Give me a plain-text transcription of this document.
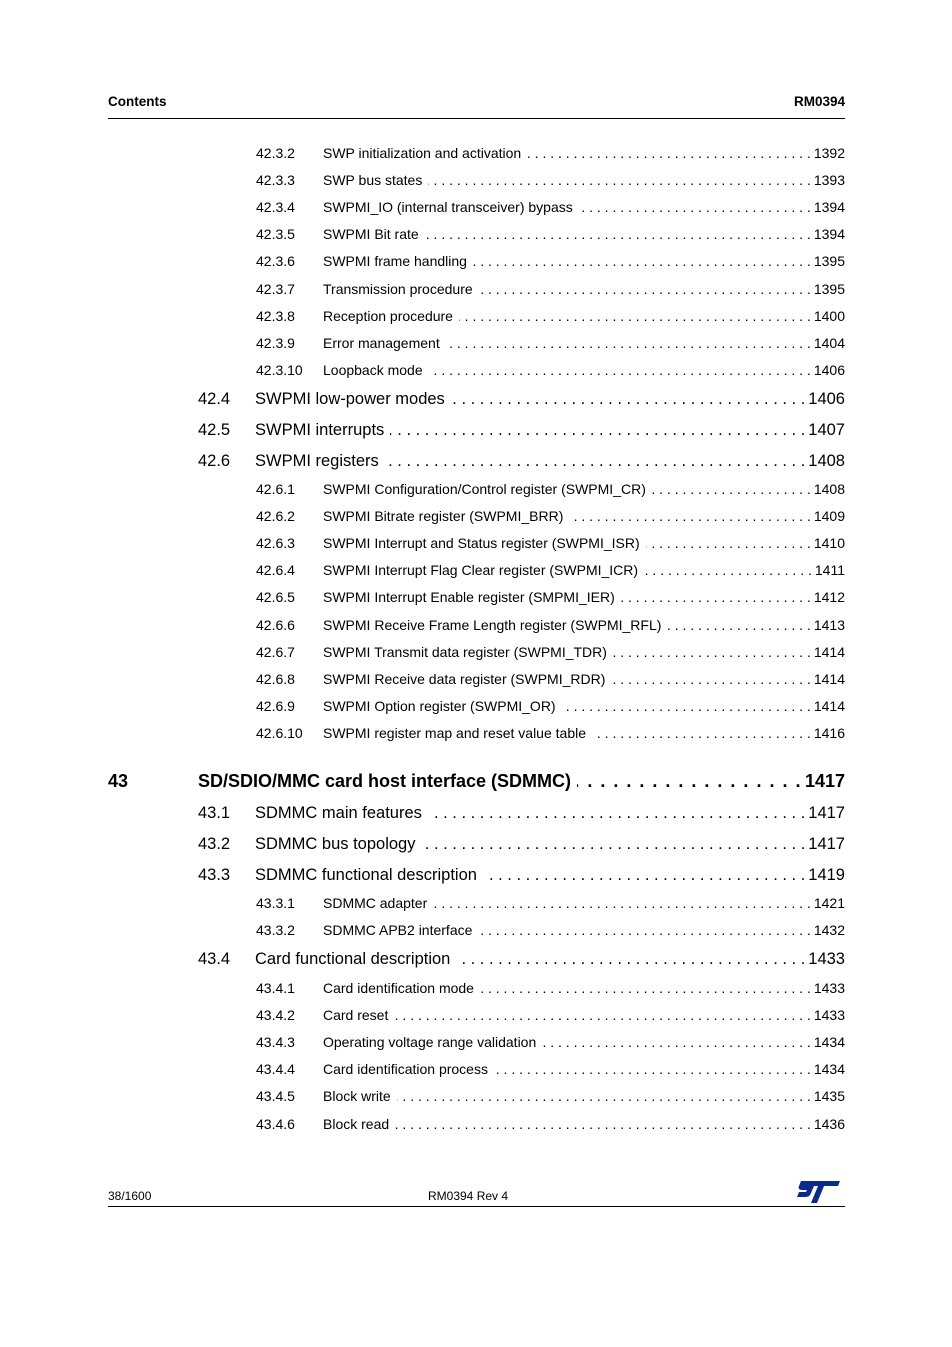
Contents	RM0394
42.3.2 SWP initialization and activation . . .	1392
42.3.3 SWP bus states . . .	1393
42.3.4 SWPMI_IO (internal transceiver) bypass . . .	1394
42.3.5 SWPMI Bit rate . . .	1394
42.3.6 SWPMI frame handling . . .	1395
42.3.7 Transmission procedure . . .	1395
42.3.8 Reception procedure . . .	1400
42.3.9 Error management . . .	1404
42.3.10 Loopback mode . . .	1406
42.4 SWPMI low-power modes . . .	1406
42.5 SWPMI interrupts . . .	1407
42.6 SWPMI registers . . .	1408
42.6.1 SWPMI Configuration/Control register (SWPMI_CR) . . .	1408
42.6.2 SWPMI Bitrate register (SWPMI_BRR) . . .	1409
42.6.3 SWPMI Interrupt and Status register (SWPMI_ISR) . . .	1410
42.6.4 SWPMI Interrupt Flag Clear register (SWPMI_ICR) . . .	1411
42.6.5 SWPMI Interrupt Enable register (SMPMI_IER) . . .	1412
42.6.6 SWPMI Receive Frame Length register (SWPMI_RFL) . . .	1413
42.6.7 SWPMI Transmit data register (SWPMI_TDR) . . .	1414
42.6.8 SWPMI Receive data register (SWPMI_RDR) . . .	1414
42.6.9 SWPMI Option register (SWPMI_OR) . . .	1414
42.6.10 SWPMI register map and reset value table . . .	1416
43	SD/SDIO/MMC card host interface (SDMMC) . . .	1417
43.1 SDMMC main features . . .	1417
43.2 SDMMC bus topology . . .	1417
43.3 SDMMC functional description . . .	1419
43.3.1 SDMMC adapter . . .	1421
43.3.2 SDMMC APB2 interface . . .	1432
43.4 Card functional description . . .	1433
43.4.1 Card identification mode . . .	1433
43.4.2 Card reset . . .	1433
43.4.3 Operating voltage range validation . . .	1434
43.4.4 Card identification process . . .	1434
43.4.5 Block write . . .	1435
43.4.6 Block read . . .	1436
38/1600	RM0394 Rev 4
